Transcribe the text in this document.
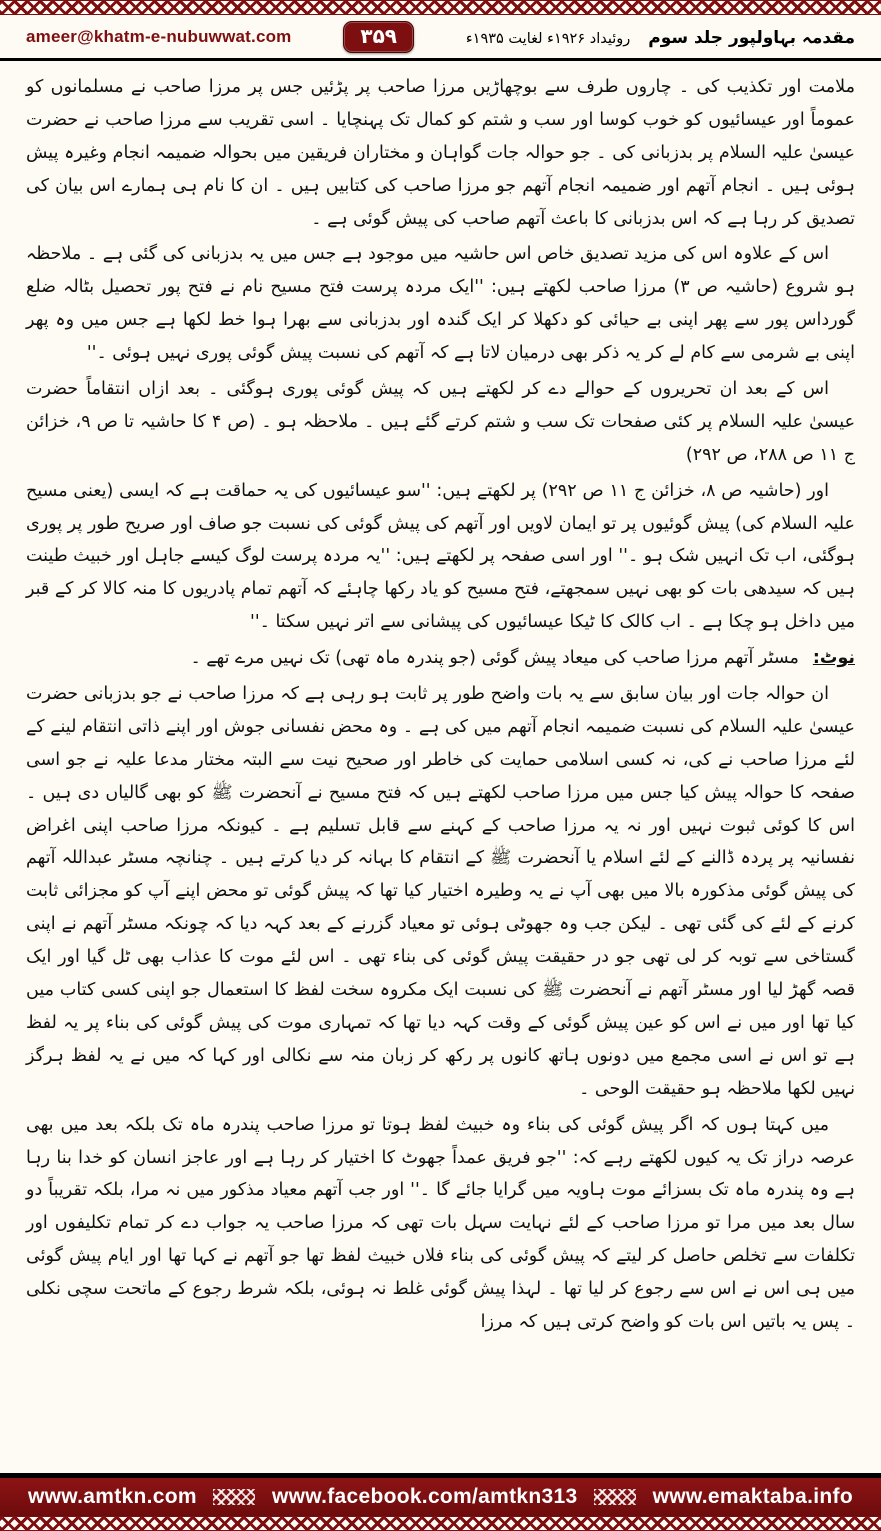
ameer@khatm-e-nubuwwat.com	۳۵۹	مقدمہ بہاولپور جلد سوم
روئیداد ۱۹۲۶ء لغایت ۱۹۳۵ء

ملامت اور تکذیب کی ۔ چاروں طرف سے بوچھاڑیں مرزا صاحب پر پڑئیں جس پر مرزا صاحب نے مسلمانوں کو عموماً اور عیسائیوں کو خوب کوسا اور سب و شتم کو کمال تک پہنچایا ۔ اسی تقریب سے مرزا صاحب نے حضرت عیسیٰ علیہ السلام پر بدزبانی کی ۔ جو حوالہ جات گواہان و مختاران فریقین میں بحوالہ ضمیمہ انجام وغیرہ پیش ہوئی ہیں ۔ انجام آتھم اور ضمیمہ انجام آتھم جو مرزا صاحب کی کتابیں ہیں ۔ ان کا نام ہی ہمارے اس بیان کی تصدیق کر رہا ہے کہ اس بدزبانی کا باعث آتھم صاحب کی پیش گوئی ہے ۔

اس کے علاوہ اس کی مزید تصدیق خاص اس حاشیہ میں موجود ہے جس میں یہ بدزبانی کی گئی ہے ۔ ملاحظہ ہو شروع (حاشیہ ص ۳) مرزا صاحب لکھتے ہیں: ''ایک مردہ پرست فتح مسیح نام نے فتح پور تحصیل بٹالہ ضلع گورداس پور سے پھر اپنی بے حیائی کو دکھلا کر ایک گندہ اور بدزبانی سے بھرا ہوا خط لکھا ہے جس میں وہ پھر اپنی بے شرمی سے کام لے کر یہ ذکر بھی درمیان لاتا ہے کہ آتھم کی نسبت پیش گوئی پوری نہیں ہوئی ۔''

اس کے بعد ان تحریروں کے حوالے دے کر لکھتے ہیں کہ پیش گوئی پوری ہوگئی ۔ بعد ازاں انتقاماً حضرت عیسیٰ علیہ السلام پر کئی صفحات تک سب و شتم کرتے گئے ہیں ۔ ملاحظہ ہو ۔ (ص ۴ کا حاشیہ تا ص ۹، خزائن ج ۱۱ ص ۲۸۸، ص ۲۹۲)

اور (حاشیہ ص ۸، خزائن ج ۱۱ ص ۲۹۲) پر لکھتے ہیں: ''سو عیسائیوں کی یہ حماقت ہے کہ ایسی (یعنی مسیح علیہ السلام کی) پیش گوئیوں پر تو ایمان لاویں اور آتھم کی پیش گوئی کی نسبت جو صاف اور صریح طور پر پوری ہوگئی، اب تک انہیں شک ہو ۔'' اور اسی صفحہ پر لکھتے ہیں: ''یہ مردہ پرست لوگ کیسے جاہل اور خبیث طینت ہیں کہ سیدھی بات کو بھی نہیں سمجھتے، فتح مسیح کو یاد رکھا چاہئے کہ آتھم تمام پادریوں کا منہ کالا کر کے قبر میں داخل ہو چکا ہے ۔ اب کالک کا ٹیکا عیسائیوں کی پیشانی سے اتر نہیں سکتا ۔''

نوٹ:مسٹر آتھم مرزا صاحب کی میعاد پیش گوئی (جو پندرہ ماہ تھی) تک نہیں مرے تھے ۔

ان حوالہ جات اور بیان سابق سے یہ بات واضح طور پر ثابت ہو رہی ہے کہ مرزا صاحب نے جو بدزبانی حضرت عیسیٰ علیہ السلام کی نسبت ضمیمہ انجام آتھم میں کی ہے ۔ وہ محض نفسانی جوش اور اپنے ذاتی انتقام لینے کے لئے مرزا صاحب نے کی، نہ کسی اسلامی حمایت کی خاطر اور صحیح نیت سے البتہ مختار مدعا علیہ نے جو اسی صفحہ کا حوالہ پیش کیا جس میں مرزا صاحب لکھتے ہیں کہ فتح مسیح نے آنحضرت ﷺ کو بھی گالیاں دی ہیں ۔ اس کا کوئی ثبوت نہیں اور نہ یہ مرزا صاحب کے کہنے سے قابل تسلیم ہے ۔ کیونکہ مرزا صاحب اپنی اغراض نفسانیہ پر پردہ ڈالنے کے لئے اسلام یا آنحضرت ﷺ کے انتقام کا بہانہ کر دیا کرتے ہیں ۔ چنانچہ مسٹر عبداللہ آتھم کی پیش گوئی مذکورہ بالا میں بھی آپ نے یہ وطیرہ اختیار کیا تھا کہ پیش گوئی تو محض اپنے آپ کو مجزائی ثابت کرنے کے لئے کی گئی تھی ۔ لیکن جب وہ جھوٹی ہوئی تو معیاد گزرنے کے بعد کہہ دیا کہ چونکہ مسٹر آتھم نے اپنی گستاخی سے توبہ کر لی تھی جو در حقیقت پیش گوئی کی بناء تھی ۔ اس لئے موت کا عذاب بھی ٹل گیا اور ایک قصہ گھڑ لیا اور مسٹر آتھم نے آنحضرت ﷺ کی نسبت ایک مکروہ سخت لفظ کا استعمال جو اپنی کسی کتاب میں کیا تھا اور میں نے اس کو عین پیش گوئی کے وقت کہہ دیا تھا کہ تمہاری موت کی پیش گوئی کی بناء پر یہ لفظ ہے تو اس نے اسی مجمع میں دونوں ہاتھ کانوں پر رکھ کر زبان منہ سے نکالی اور کہا کہ میں نے یہ لفظ ہرگز نہیں لکھا ملاحظہ ہو حقیقت الوحی ۔

میں کہتا ہوں کہ اگر پیش گوئی کی بناء وہ خبیث لفظ ہوتا تو مرزا صاحب پندرہ ماہ تک بلکہ بعد میں بھی عرصہ دراز تک یہ کیوں لکھتے رہے کہ: ''جو فریق عمداً جھوٹ کا اختیار کر رہا ہے اور عاجز انسان کو خدا بنا رہا ہے وہ پندرہ ماہ تک بسزائے موت ہاویہ میں گرایا جائے گا ۔'' اور جب آتھم معیاد مذکور میں نہ مرا، بلکہ تقریباً دو سال بعد میں مرا تو مرزا صاحب کے لئے نہایت سہل بات تھی کہ مرزا صاحب یہ جواب دے کر تمام تکلیفوں اور تکلفات سے تخلص حاصل کر لیتے کہ پیش گوئی کی بناء فلاں خبیث لفظ تھا جو آتھم نے کہا تھا اور ایام پیش گوئی میں ہی اس نے اس سے رجوع کر لیا تھا ۔ لہذا پیش گوئی غلط نہ ہوئی، بلکہ شرط رجوع کے ماتحت سچی نکلی ۔ پس یہ باتیں اس بات کو واضح کرتی ہیں کہ مرزا

www.amtkn.com	www.facebook.com/amtkn313	www.emaktaba.info
